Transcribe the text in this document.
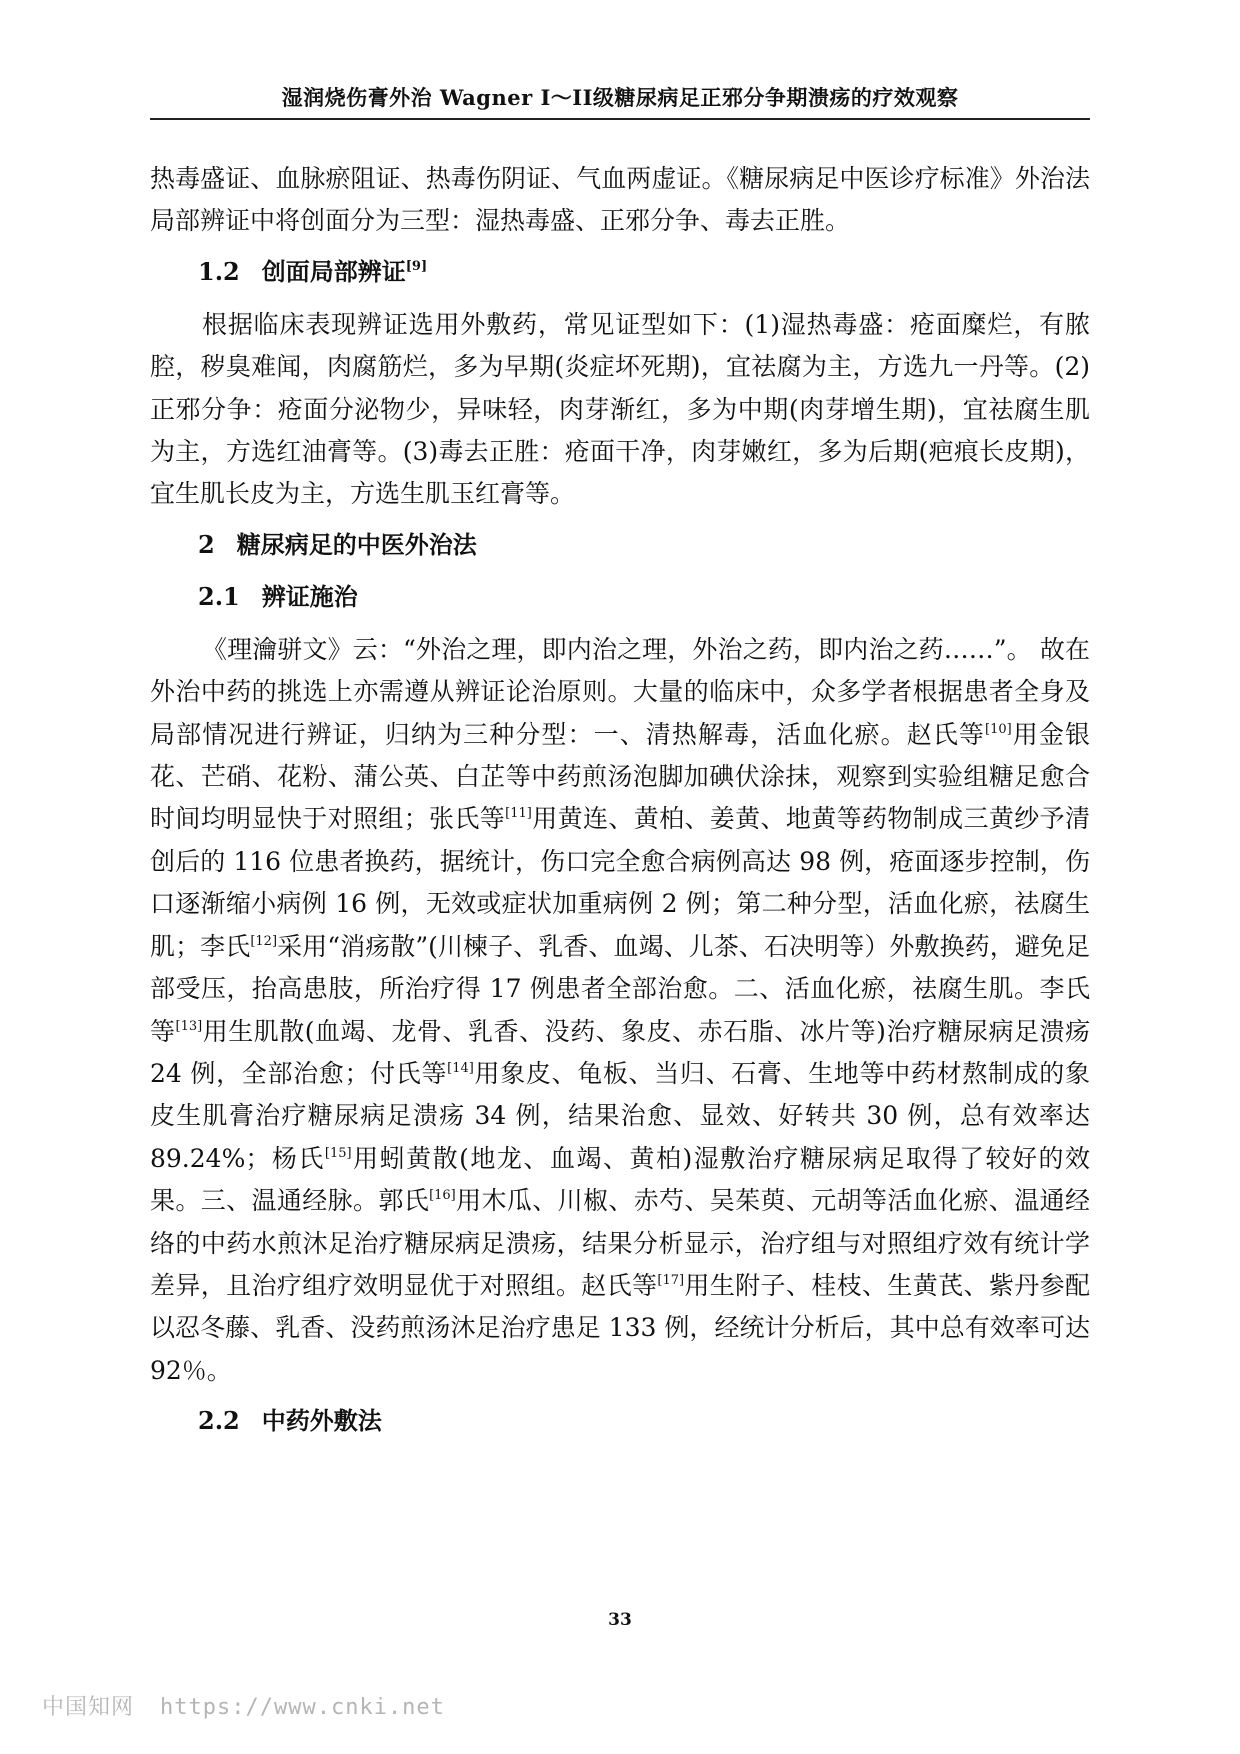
湿润烧伤膏外治 Wagner I～II级糖尿病足正邪分争期溃疡的疗效观察

热毒盛证、血脉瘀阻证、热毒伤阴证、气血两虚证。《糖尿病足中医诊疗标准》外治法局部辨证中将创面分为三型：湿热毒盛、正邪分争、毒去正胜。

1.2 创面局部辨证[9]

根据临床表现辨证选用外敷药，常见证型如下：(1)湿热毒盛：疮面糜烂，有脓腔，秽臭难闻，肉腐筋烂，多为早期(炎症坏死期)，宜祛腐为主，方选九一丹等。(2)正邪分争：疮面分泌物少，异味轻，肉芽渐红，多为中期(肉芽增生期)，宜祛腐生肌为主，方选红油膏等。(3)毒去正胜：疮面干净，肉芽嫩红，多为后期(疤痕长皮期)，宜生肌长皮为主，方选生肌玉红膏等。

2 糖尿病足的中医外治法
2.1 辨证施治

《理瀹骈文》云：“外治之理，即内治之理，外治之药，即内治之药……”。 故在外治中药的挑选上亦需遵从辨证论治原则。大量的临床中，众多学者根据患者全身及局部情况进行辨证，归纳为三种分型：一、清热解毒，活血化瘀。赵氏等[10]用金银花、芒硝、花粉、蒲公英、白芷等中药煎汤泡脚加碘伏涂抹，观察到实验组糖足愈合时间均明显快于对照组；张氏等[11]用黄连、黄柏、姜黄、地黄等药物制成三黄纱予清创后的 116 位患者换药，据统计，伤口完全愈合病例高达 98 例，疮面逐步控制，伤口逐渐缩小病例 16 例，无效或症状加重病例 2 例；第二种分型，活血化瘀，祛腐生肌；李氏[12]采用“消疡散”(川楝子、乳香、血竭、儿茶、石决明等）外敷换药，避免足部受压，抬高患肢，所治疗得 17 例患者全部治愈。二、活血化瘀，祛腐生肌。李氏等[13]用生肌散(血竭、龙骨、乳香、没药、象皮、赤石脂、冰片等)治疗糖尿病足溃疡 24 例，全部治愈；付氏等[14]用象皮、龟板、当归、石膏、生地等中药材熬制成的象皮生肌膏治疗糖尿病足溃疡 34 例，结果治愈、显效、好转共 30 例，总有效率达 89.24%；杨氏[15]用蚓黄散(地龙、血竭、黄柏)湿敷治疗糖尿病足取得了较好的效果。三、温通经脉。郭氏[16]用木瓜、川椒、赤芍、吴茱萸、元胡等活血化瘀、温通经络的中药水煎沐足治疗糖尿病足溃疡，结果分析显示，治疗组与对照组疗效有统计学差异，且治疗组疗效明显优于对照组。赵氏等[17]用生附子、桂枝、生黄芪、紫丹参配以忍冬藤、乳香、没药煎汤沐足治疗患足 133 例，经统计分析后，其中总有效率可达 92％。

2.2 中药外敷法
33
中国知网 https://www.cnki.net
